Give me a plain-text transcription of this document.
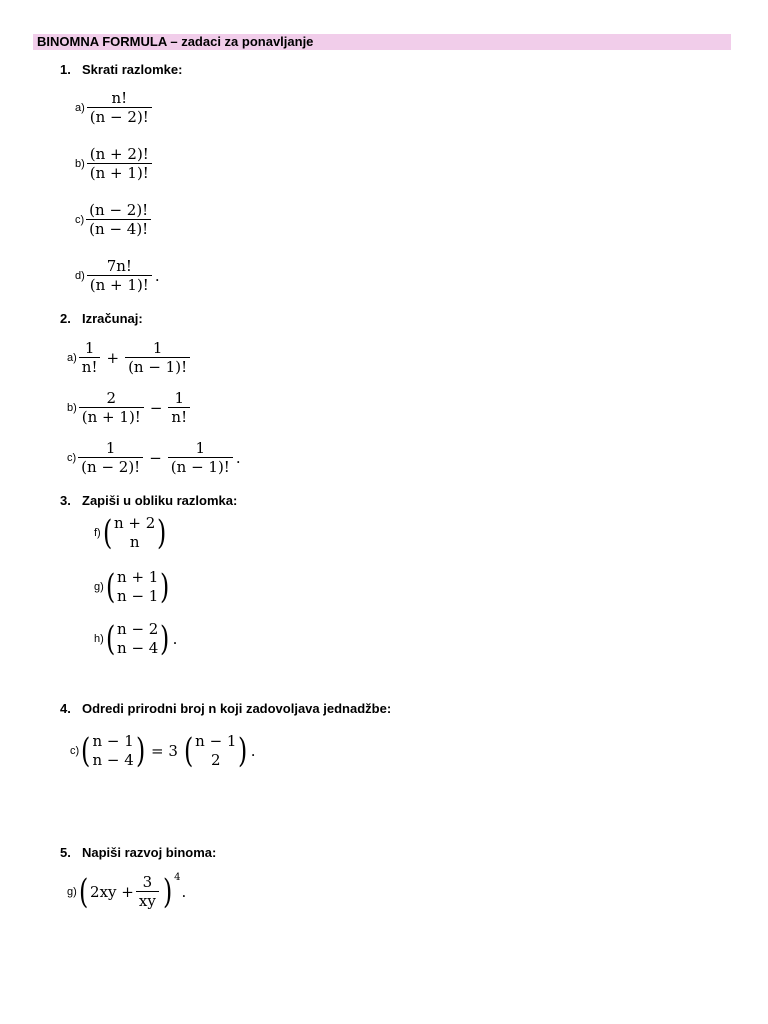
BINOMNA FORMULA – zadaci za ponavljanje
1. Skrati razlomke:
2. Izračunaj:
3. Zapiši u obliku razlomka:
4. Odredi prirodni broj n koji zadovoljava jednadžbe:
5. Napiši razvoj binoma:
$a) \frac{n!}{(n - 2)!}$
$b) \frac{(n + 2)!}{(n + 1)!}$
$c) \frac{(n - 2)!}{(n - 4)!}$
$d) \frac{7n!}{(n + 1)!}$ .
$a) \frac{1}{n!} + \frac{1}{(n - 1)!}$
$b) \frac{2}{(n + 1)!} - \frac{1}{n!}$
$c) \frac{1}{(n - 2)!} - \frac{1}{(n - 1)!}$ .
f) ( n + 2
n )
g) ( n + 1
n − 1 )
h) ( n − 2
n − 4 ) .
c) ( n − 1
n − 4 ) = 3 ( n − 1
2 ) .
g) ( $2xy + \frac{3}{xy}$ ) 4
.
